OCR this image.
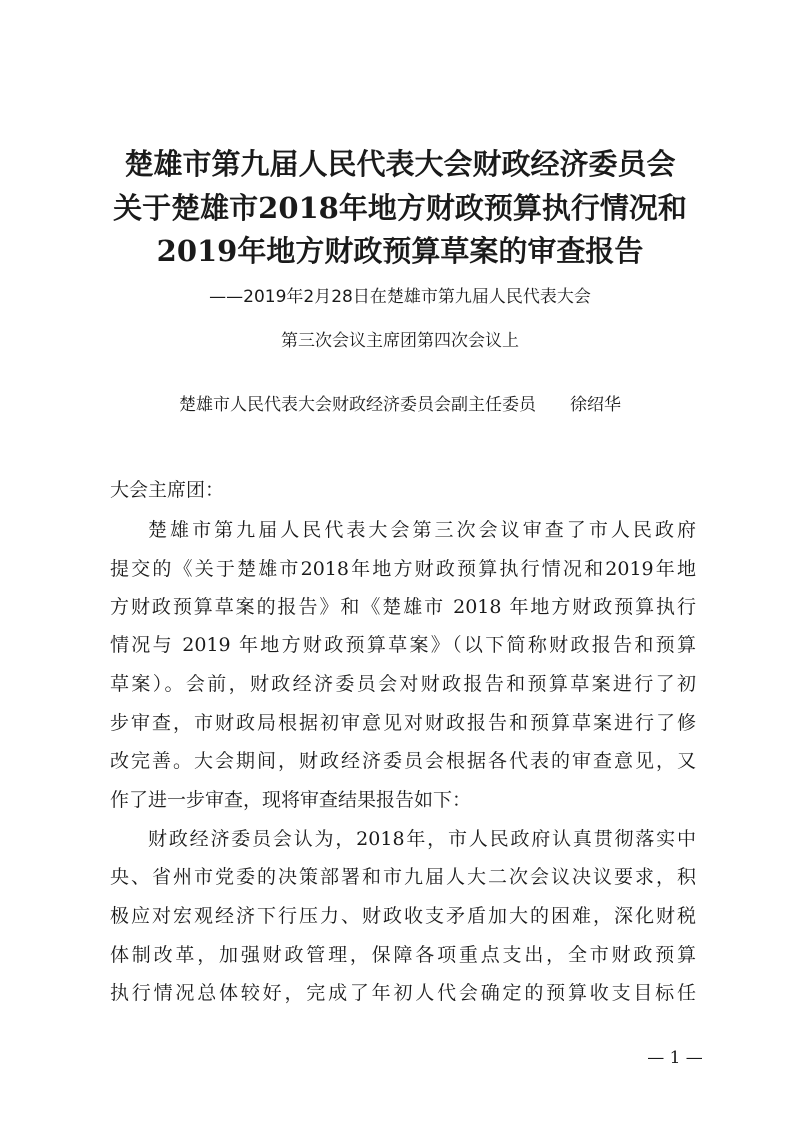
楚雄市第九届人民代表大会财政经济委员会
关于楚雄市2018年地方财政预算执行情况和
2019年地方财政预算草案的审查报告
——2019年2月28日在楚雄市第九届人民代表大会
第三次会议主席团第四次会议上
楚雄市人民代表大会财政经济委员会副主任委员 徐绍华
大会主席团：
楚雄市第九届人民代表大会第三次会议审查了市人民政府
提交的《关于楚雄市2018年地方财政预算执行情况和2019年地
方财政预算草案的报告》和《楚雄市 2018 年地方财政预算执行
情况与 2019 年地方财政预算草案》（以下简称财政报告和预算
草案）。会前，财政经济委员会对财政报告和预算草案进行了初
步审查，市财政局根据初审意见对财政报告和预算草案进行了修
改完善。大会期间，财政经济委员会根据各代表的审查意见，又
作了进一步审查，现将审查结果报告如下：
财政经济委员会认为，2018年，市人民政府认真贯彻落实中
央、省州市党委的决策部署和市九届人大二次会议决议要求，积
极应对宏观经济下行压力、财政收支矛盾加大的困难，深化财税
体制改革，加强财政管理，保障各项重点支出，全市财政预算
执行情况总体较好，完成了年初人代会确定的预算收支目标任
— 1 —
